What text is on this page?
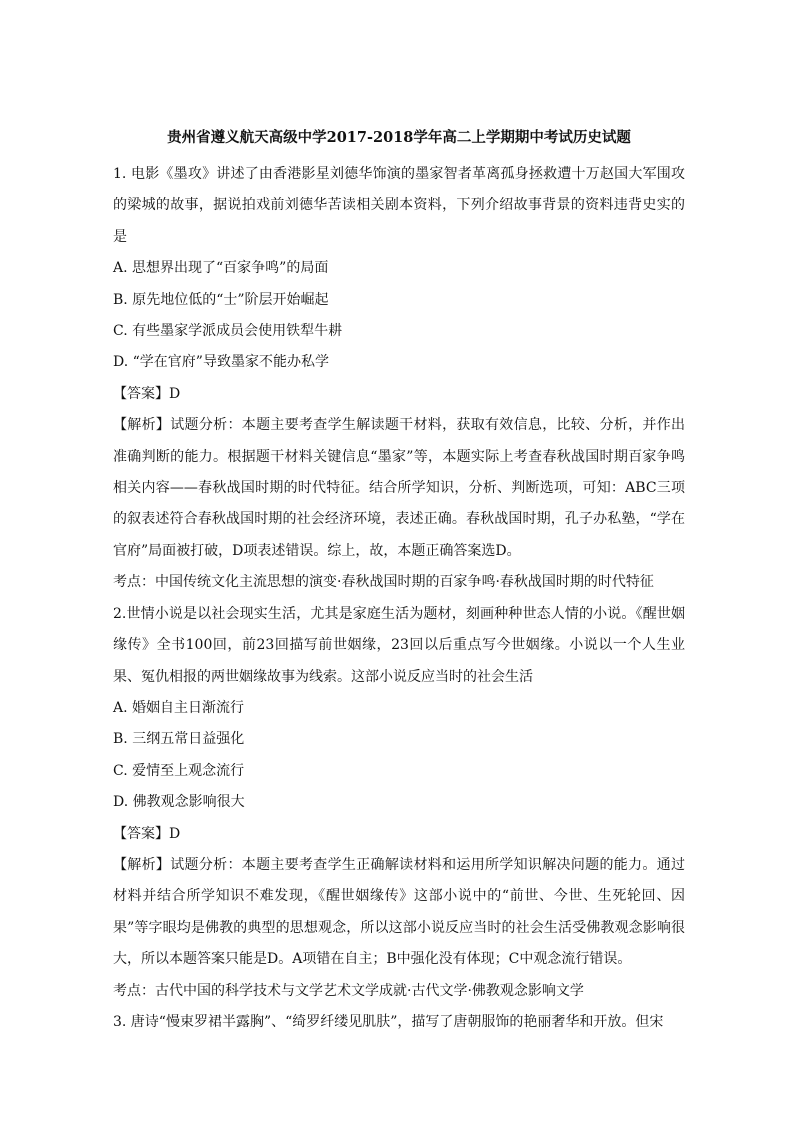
贵州省遵义航天高级中学2017-2018学年高二上学期期中考试历史试题

1. 电影《墨攻》讲述了由香港影星刘德华饰演的墨家智者革离孤身拯救遭十万赵国大军围攻的梁城的故事，据说拍戏前刘德华苦读相关剧本资料，下列介绍故事背景的资料违背史实的是

A. 思想界出现了“百家争鸣”的局面

B. 原先地位低的“士”阶层开始崛起

C. 有些墨家学派成员会使用铁犁牛耕

D. “学在官府”导致墨家不能办私学

【答案】D

【解析】试题分析：本题主要考查学生解读题干材料，获取有效信息，比较、分析，并作出准确判断的能力。根据题干材料关键信息“墨家”等，本题实际上考查春秋战国时期百家争鸣相关内容——春秋战国时期的时代特征。结合所学知识，分析、判断选项，可知：ABC三项的叙表述符合春秋战国时期的社会经济环境，表述正确。春秋战国时期，孔子办私塾，“学在官府”局面被打破，D项表述错误。综上，故，本题正确答案选D。

考点：中国传统文化主流思想的演变·春秋战国时期的百家争鸣·春秋战国时期的时代特征

2.世情小说是以社会现实生活，尤其是家庭生活为题材，刻画种种世态人情的小说。《醒世姻缘传》全书100回，前23回描写前世姻缘，23回以后重点写今世姻缘。小说以一个人生业果、冤仇相报的两世姻缘故事为线索。这部小说反应当时的社会生活

A. 婚姻自主日渐流行

B. 三纲五常日益强化

C. 爱情至上观念流行

D. 佛教观念影响很大

【答案】D

【解析】试题分析：本题主要考查学生正确解读材料和运用所学知识解决问题的能力。通过材料并结合所学知识不难发现，《醒世姻缘传》这部小说中的“前世、今世、生死轮回、因果”等字眼均是佛教的典型的思想观念，所以这部小说反应当时的社会生活受佛教观念影响很大，所以本题答案只能是D。A项错在自主；B中强化没有体现；C中观念流行错误。

考点：古代中国的科学技术与文学艺术文学成就·古代文学·佛教观念影响文学

3. 唐诗“慢束罗裙半露胸”、“绮罗纤缕见肌肤”，描写了唐朝服饰的艳丽奢华和开放。但宋
